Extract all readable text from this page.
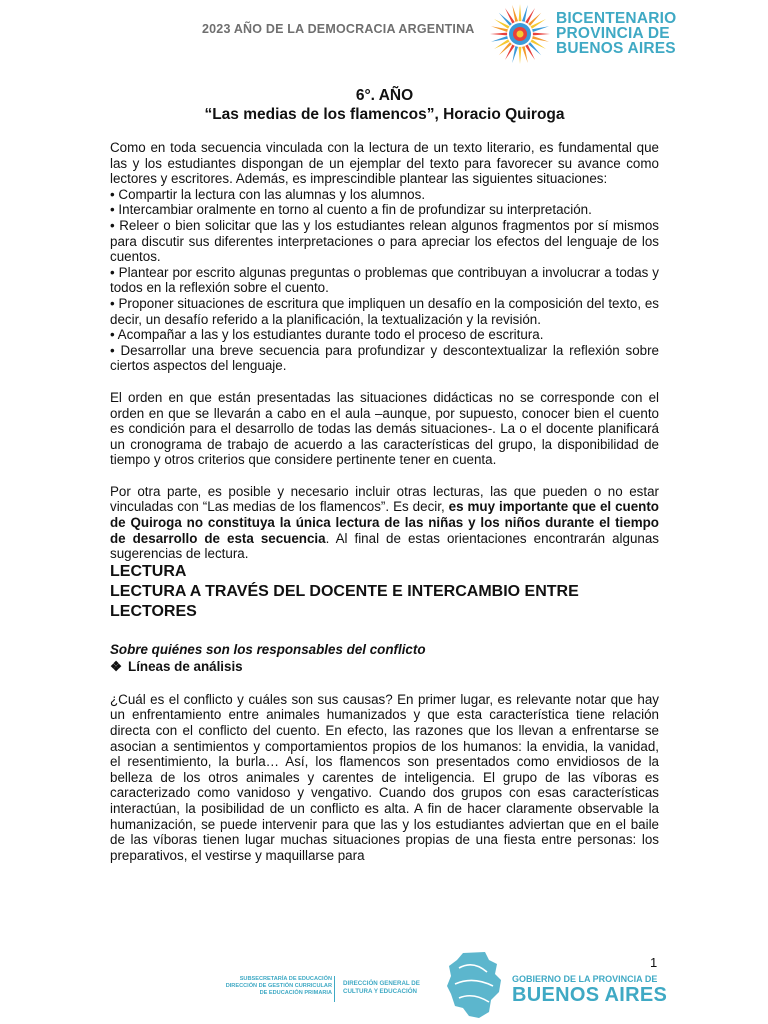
2023 AÑO DE LA DEMOCRACIA ARGENTINA
BICENTENARIO
PROVINCIA DE
BUENOS AIRES
6°. AÑO
“Las medias de los flamencos”, Horacio Quiroga

Como en toda secuencia vinculada con la lectura de un texto literario, es fundamental que las y los estudiantes dispongan de un ejemplar del texto para favorecer su avance como lectores y escritores. Además, es imprescindible plantear las siguientes situaciones:

• Compartir la lectura con las alumnas y los alumnos.

• Intercambiar oralmente en torno al cuento a fin de profundizar su interpretación.

• Releer o bien solicitar que las y los estudiantes relean algunos fragmentos por sí mismos para discutir sus diferentes interpretaciones o para apreciar los efectos del lenguaje de los cuentos.

• Plantear por escrito algunas preguntas o problemas que contribuyan a involucrar a todas y todos en la reflexión sobre el cuento.

• Proponer situaciones de escritura que impliquen un desafío en la composición del texto, es decir, un desafío referido a la planificación, la textualización y la revisión.

• Acompañar a las y los estudiantes durante todo el proceso de escritura.

• Desarrollar una breve secuencia para profundizar y descontextualizar la reflexión sobre ciertos aspectos del lenguaje.

El orden en que están presentadas las situaciones didácticas no se corresponde con el orden en que se llevarán a cabo en el aula –aunque, por supuesto, conocer bien el cuento es condición para el desarrollo de todas las demás situaciones-. La o el docente planificará un cronograma de trabajo de acuerdo a las características del grupo, la disponibilidad de tiempo y otros criterios que considere pertinente tener en cuenta.

Por otra parte, es posible y necesario incluir otras lecturas, las que pueden o no estar vinculadas con “Las medias de los flamencos”. Es decir, es muy importante que el cuento de Quiroga no constituya la única lectura de las niñas y los niños durante el tiempo de desarrollo de esta secuencia. Al final de estas orientaciones encontrarán algunas sugerencias de lectura.

LECTURA
LECTURA A TRAVÉS DEL DOCENTE E INTERCAMBIO ENTRE LECTORES
Sobre quiénes son los responsables del conflicto
❖ Líneas de análisis

¿Cuál es el conflicto y cuáles son sus causas? En primer lugar, es relevante notar que hay un enfrentamiento entre animales humanizados y que esta característica tiene relación directa con el conflicto del cuento. En efecto, las razones que los llevan a enfrentarse se asocian a sentimientos y comportamientos propios de los humanos: la envidia, la vanidad, el resentimiento, la burla… Así, los flamencos son presentados como envidiosos de la belleza de los otros animales y carentes de inteligencia. El grupo de las víboras es caracterizado como vanidoso y vengativo. Cuando dos grupos con esas características interactúan, la posibilidad de un conflicto es alta. A fin de hacer claramente observable la humanización, se puede intervenir para que las y los estudiantes adviertan que en el baile de las víboras tienen lugar muchas situaciones propias de una fiesta entre personas: los preparativos, el vestirse y maquillarse para

1
SUBSECRETARÍA DE EDUCACIÓN
DIRECCIÓN DE GESTIÓN CURRICULAR
DE EDUCACIÓN PRIMARIA
DIRECCIÓN GENERAL DE
CULTURA Y EDUCACIÓN
GOBIERNO DE LA PROVINCIA DE
BUENOS AIRES
